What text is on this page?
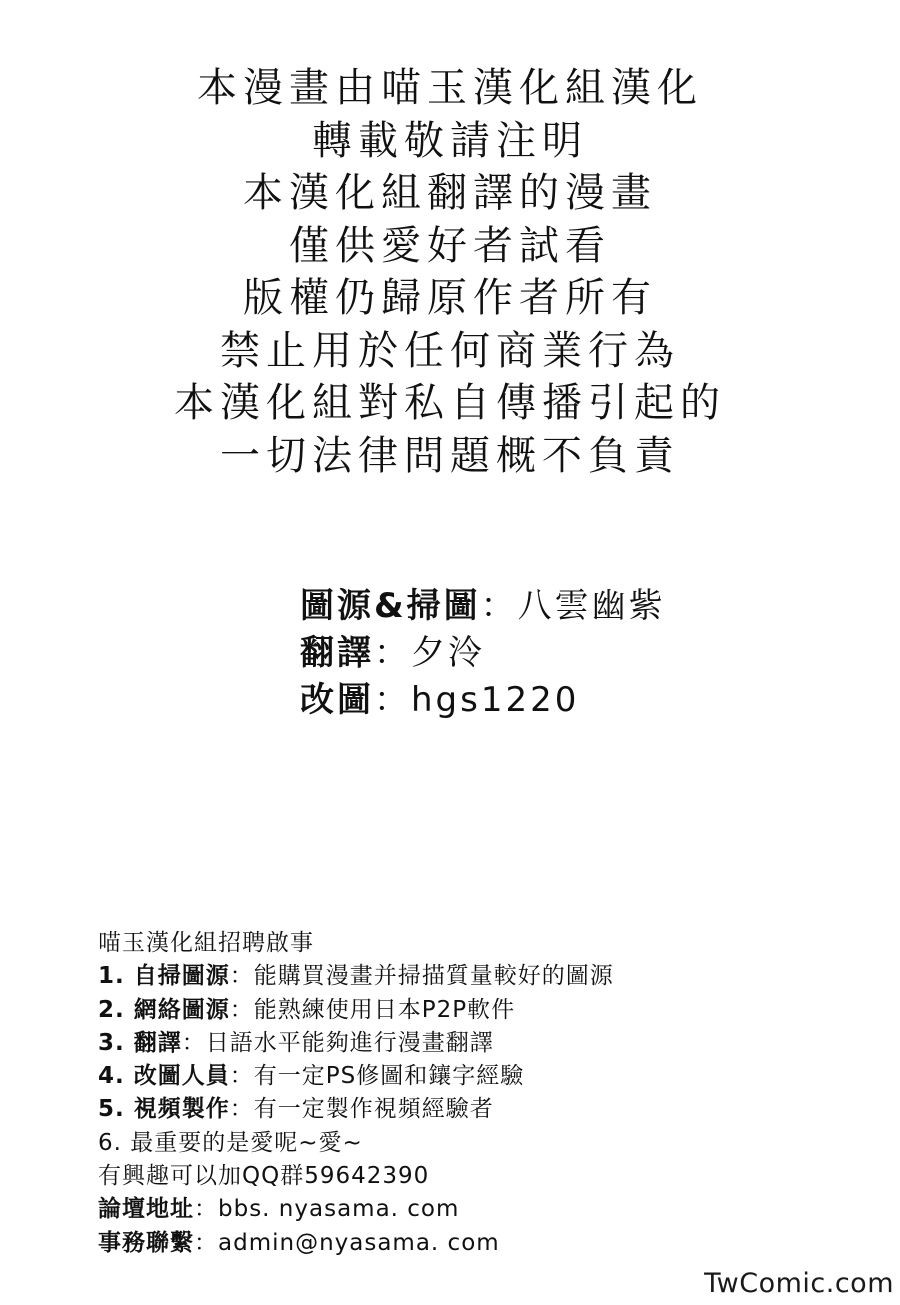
本漫畫由喵玉漢化組漢化
轉載敬請注明
本漢化組翻譯的漫畫
僅供愛好者試看
版權仍歸原作者所有
禁止用於任何商業行為
本漢化組對私自傳播引起的
一切法律問題概不負責
圖源&掃圖：八雲幽紫
翻譯：夕泠
改圖：hgs1220
喵玉漢化組招聘啟事
1. 自掃圖源：能購買漫畫并掃描質量較好的圖源
2. 網絡圖源：能熟練使用日本P2P軟件
3. 翻譯：日語水平能夠進行漫畫翻譯
4. 改圖人員：有一定PS修圖和鑲字經驗
5. 視頻製作：有一定製作視頻經驗者
6. 最重要的是愛呢~愛~
有興趣可以加QQ群59642390
論壇地址：bbs. nyasama. com
事務聯繫：admin@nyasama. com
TwComic.com
